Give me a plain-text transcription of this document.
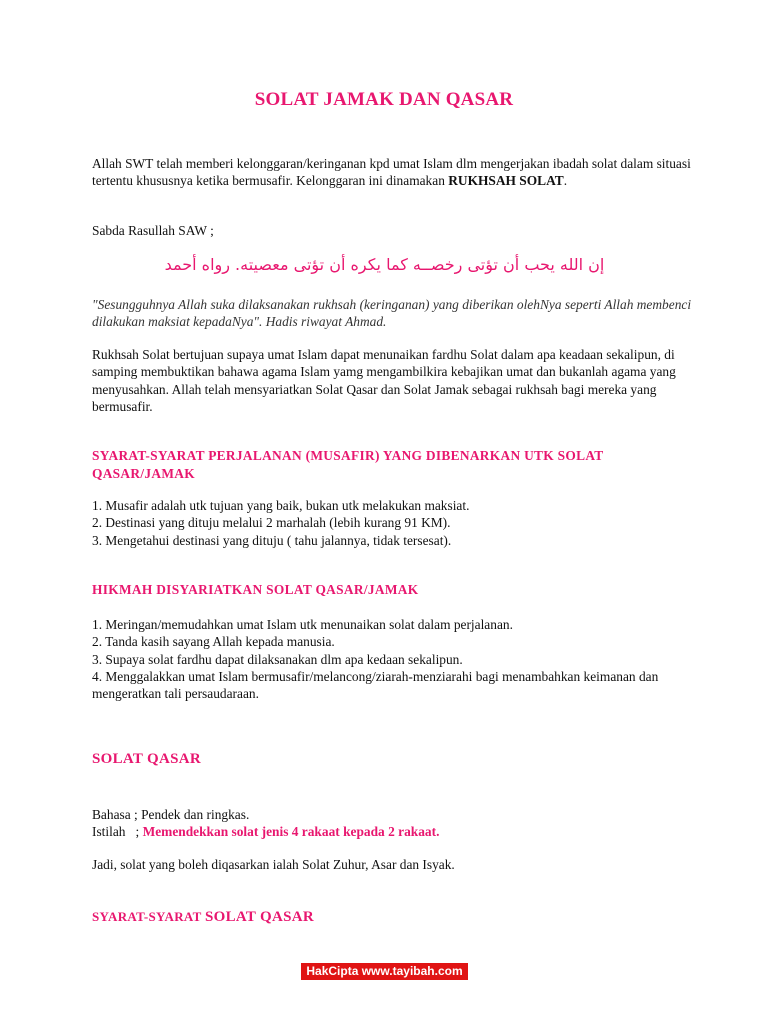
SOLAT JAMAK DAN QASAR
Allah SWT telah memberi kelonggaran/keringanan kpd umat Islam dlm mengerjakan ibadah solat dalam situasi tertentu khususnya ketika bermusafir. Kelonggaran ini dinamakan RUKHSAH SOLAT.
Sabda Rasullah SAW ;
إن الله يحب أن تؤتى رخصــه كما يكره أن تؤتى معصيته. رواه أحمد
"Sesungguhnya Allah suka dilaksanakan rukhsah (keringanan) yang diberikan olehNya seperti Allah membenci dilakukan maksiat kepadaNya". Hadis riwayat Ahmad.
Rukhsah Solat bertujuan supaya umat Islam dapat menunaikan fardhu Solat dalam apa keadaan sekalipun, di samping membuktikan bahawa agama Islam yamg mengambilkira kebajikan umat dan bukanlah agama yang menyusahkan. Allah telah mensyariatkan Solat Qasar dan Solat Jamak sebagai rukhsah bagi mereka yang bermusafir.
SYARAT-SYARAT PERJALANAN (MUSAFIR) YANG DIBENARKAN UTK SOLAT QASAR/JAMAK
1. Musafir adalah utk tujuan yang baik, bukan utk melakukan maksiat.
2. Destinasi yang dituju melalui 2 marhalah (lebih kurang 91 KM).
3. Mengetahui destinasi yang dituju ( tahu jalannya, tidak tersesat).
HIKMAH DISYARIATKAN SOLAT QASAR/JAMAK
1. Meringan/memudahkan umat Islam utk menunaikan solat dalam perjalanan.
2. Tanda kasih sayang Allah kepada manusia.
3. Supaya solat fardhu dapat dilaksanakan dlm apa kedaan sekalipun.
4. Menggalakkan umat Islam bermusafir/melancong/ziarah-menziarahi bagi menambahkan keimanan dan mengeratkan tali persaudaraan.
SOLAT QASAR
Bahasa ; Pendek dan ringkas.
Istilah   ; Memendekkan solat jenis 4 rakaat kepada 2 rakaat.
Jadi, solat yang boleh diqasarkan ialah Solat Zuhur, Asar dan Isyak.
SYARAT-SYARAT SOLAT QASAR
HakCipta www.tayibah.com
